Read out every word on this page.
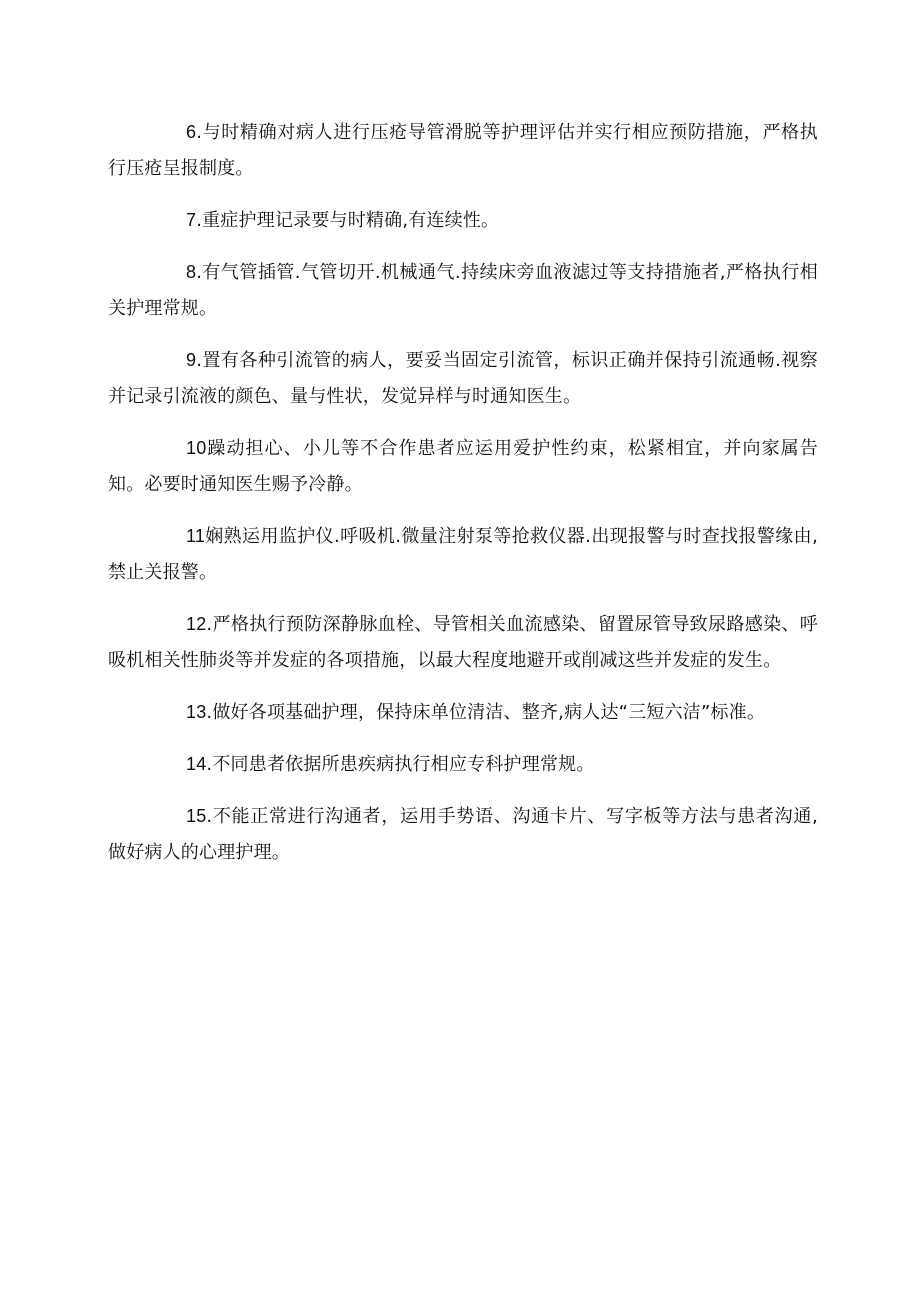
6.与时精确对病人进行压疮导管滑脱等护理评估并实行相应预防措施，严格执行压疮呈报制度。

7.重症护理记录要与时精确,有连续性。

8.有气管插管.气管切开.机械通气.持续床旁血液滤过等支持措施者,严格执行相关护理常规。

9.置有各种引流管的病人，要妥当固定引流管，标识正确并保持引流通畅.视察并记录引流液的颜色、量与性状，发觉异样与时通知医生。

10躁动担心、小儿等不合作患者应运用爱护性约束，松紧相宜，并向家属告知。必要时通知医生赐予冷静。

11娴熟运用监护仪.呼吸机.微量注射泵等抢救仪器.出现报警与时查找报警缘由,禁止关报警。

12.严格执行预防深静脉血栓、导管相关血流感染、留置尿管导致尿路感染、呼吸机相关性肺炎等并发症的各项措施，以最大程度地避开或削减这些并发症的发生。

13.做好各项基础护理，保持床单位清洁、整齐,病人达“三短六洁”标准。

14.不同患者依据所患疾病执行相应专科护理常规。

15.不能正常进行沟通者，运用手势语、沟通卡片、写字板等方法与患者沟通,做好病人的心理护理。
